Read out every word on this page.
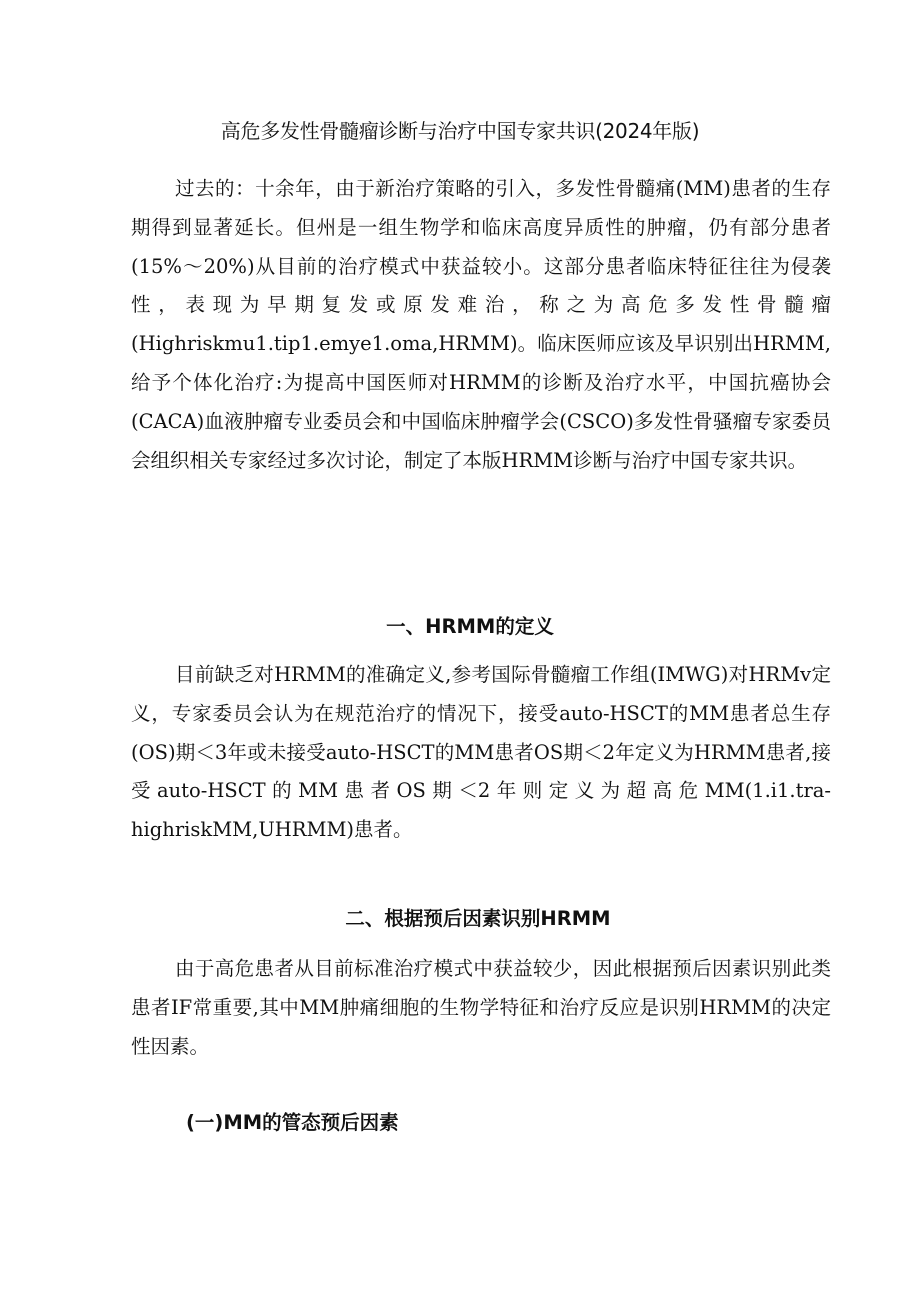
高危多发性骨髓瘤诊断与治疗中国专家共识(2024年版)

过去的：十余年，由于新治疗策略的引入，多发性骨髓痛(MM)患者的生存期得到显著延长。但州是一组生物学和临床高度异质性的肿瘤，仍有部分患者(15%～20%)从目前的治疗模式中获益较小。这部分患者临床特征往往为侵袭性，表现为早期复发或原发难治，称之为高危多发性骨髓瘤(Highriskmu1.tip1.emye1.oma,HRMM)。临床医师应该及早识别出HRMM,给予个体化治疗:为提高中国医师对HRMM的诊断及治疗水平，中国抗癌协会(CACA)血液肿瘤专业委员会和中国临床肿瘤学会(CSCO)多发性骨骚瘤专家委员会组织相关专家经过多次讨论，制定了本版HRMM诊断与治疗中国专家共识。

一、HRMM的定义

目前缺乏对HRMM的准确定义,参考国际骨髓瘤工作组(IMWG)对HRMv定义，专家委员会认为在规范治疗的情况下，接受auto-HSCT的MM患者总生存(OS)期＜3年或未接受auto-HSCT的MM患者OS期＜2年定义为HRMM患者,接受auto-HSCT的MM患者OS期＜2年则定义为超高危MM(1.i1.tra-highriskMM,UHRMM)患者。

二、根据预后因素识别HRMM

由于高危患者从目前标准治疗模式中获益较少，因此根据预后因素识别此类患者IF常重要,其中MM肿痛细胞的生物学特征和治疗反应是识别HRMM的决定性因素。

(一)MM的管态预后因素
